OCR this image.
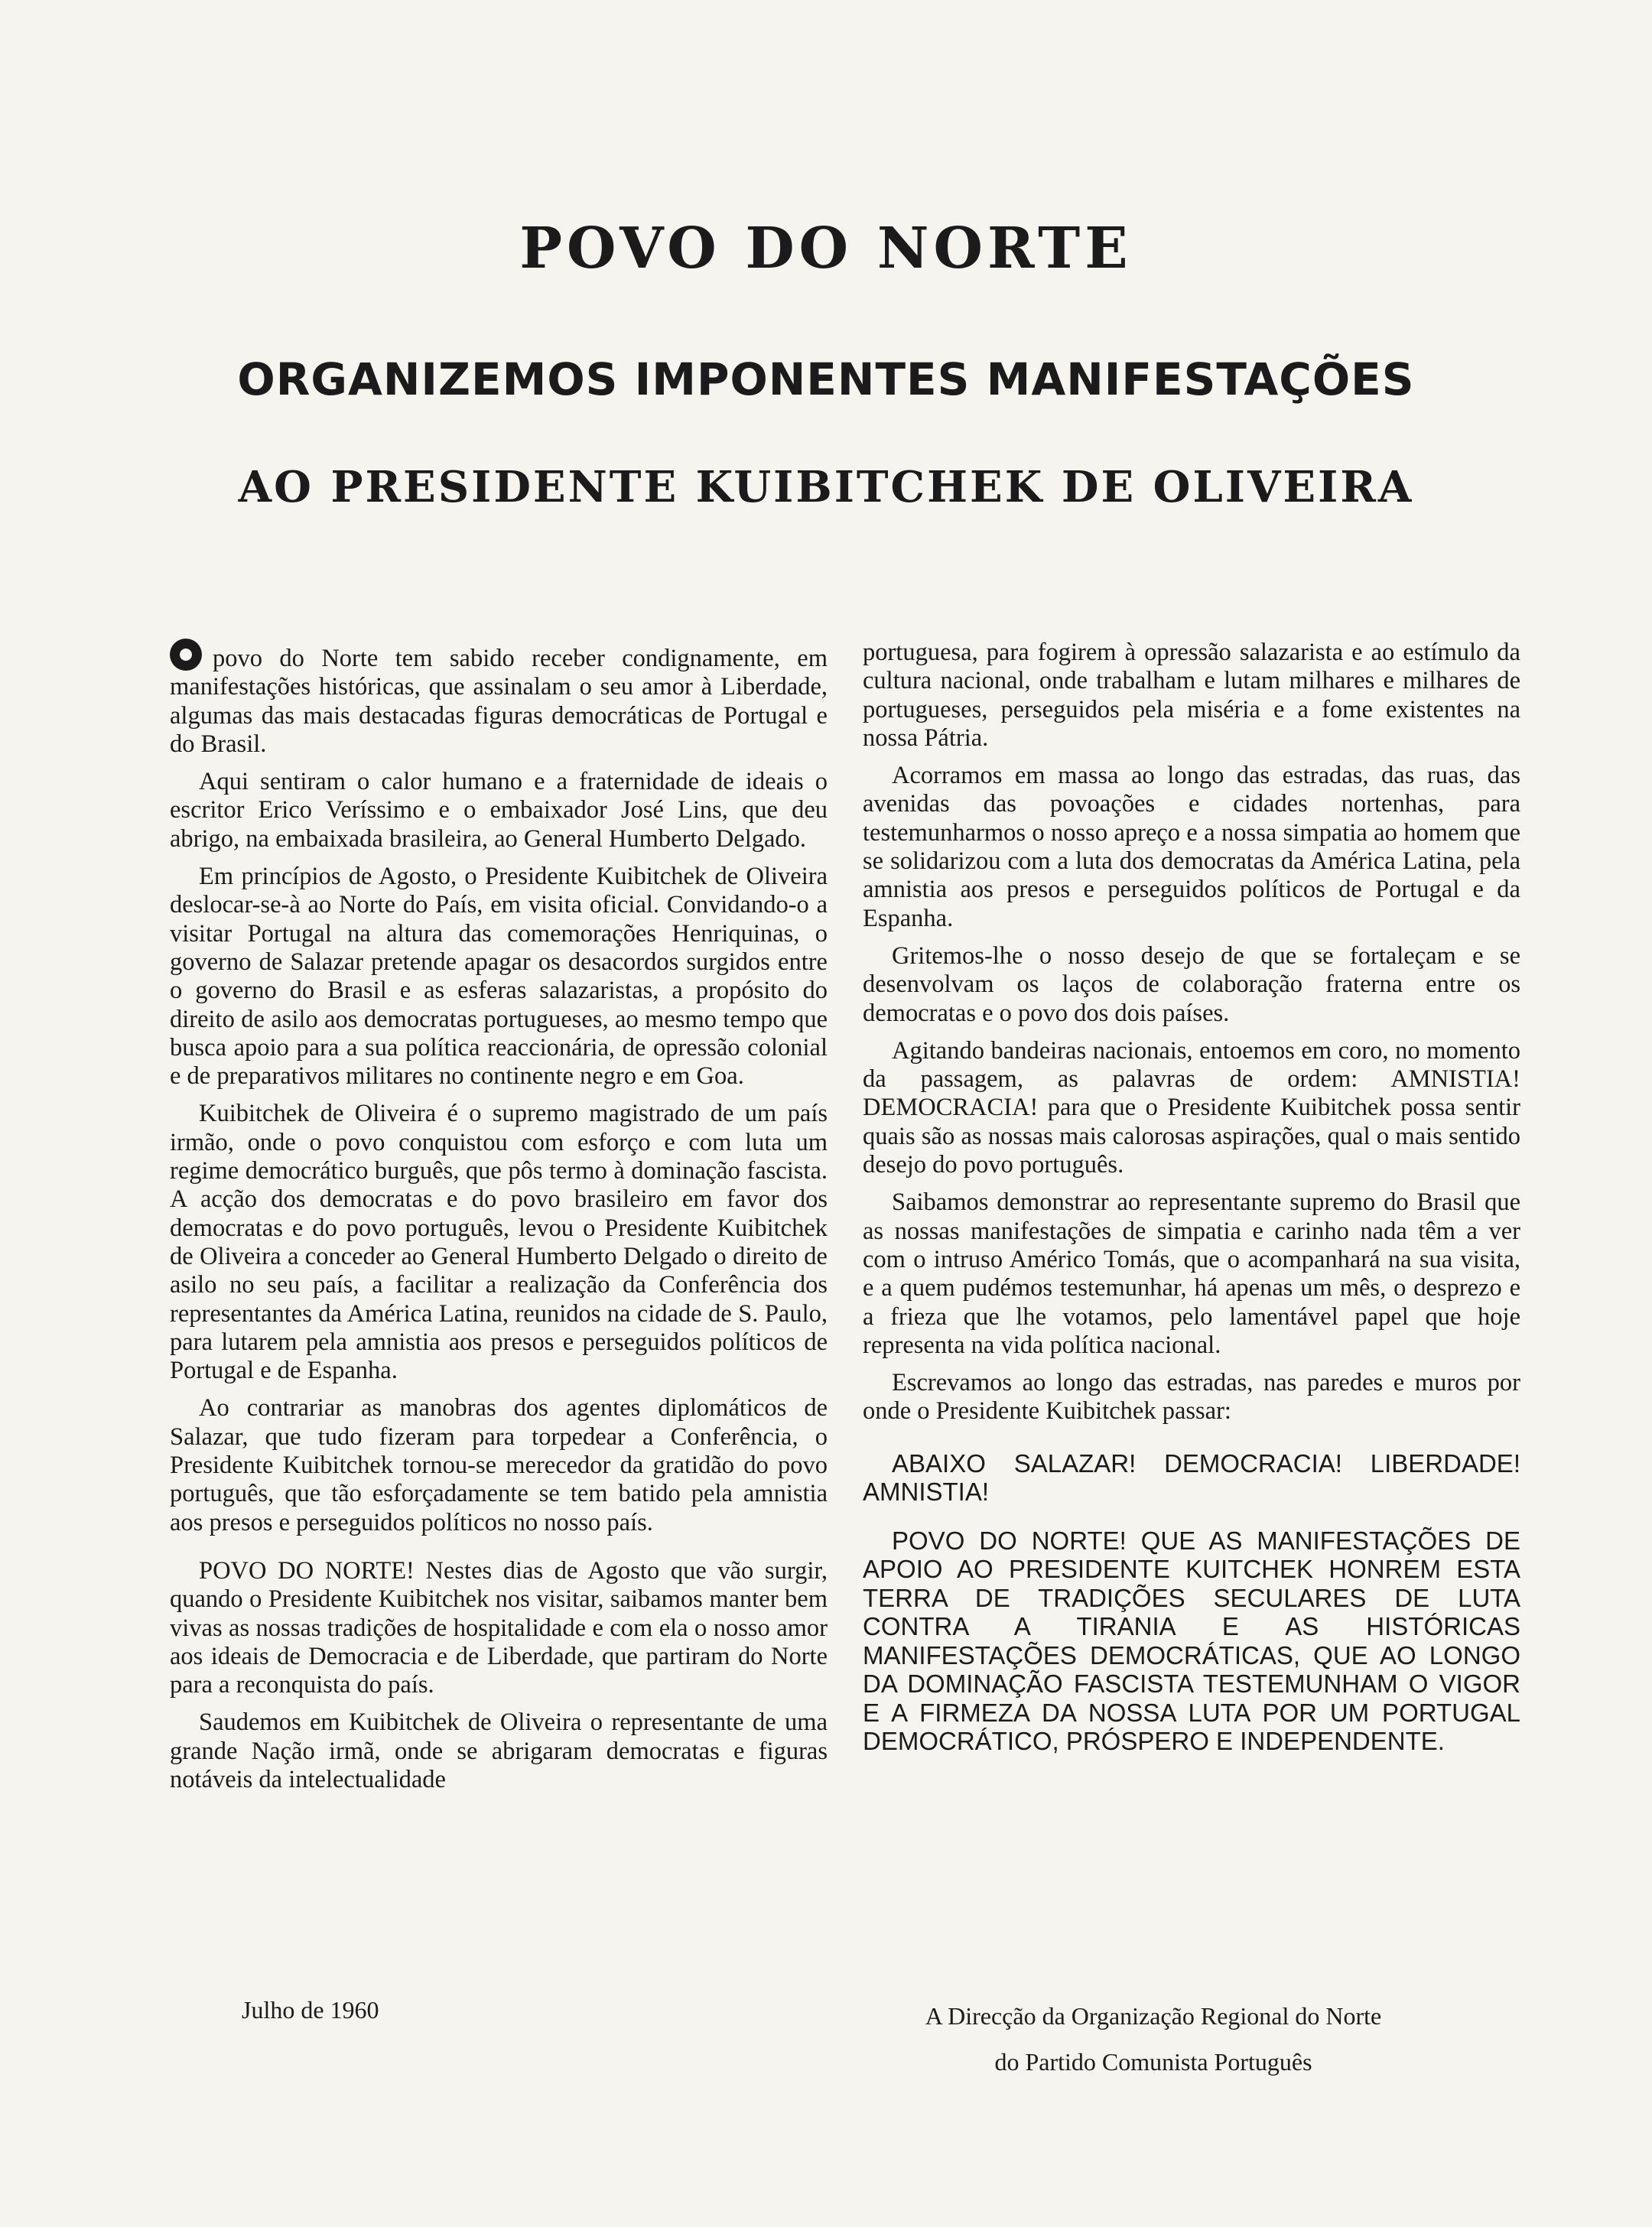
POVO DO NORTE
ORGANIZEMOS IMPONENTES MANIFESTAÇÕES
AO PRESIDENTE KUIBITCHEK DE OLIVEIRA

povo do Norte tem sabido receber condignamente, em manifestações históricas, que assinalam o seu amor à Liberdade, algumas das mais destacadas figuras democráticas de Portugal e do Brasil.

Aqui sentiram o calor humano e a fraternidade de ideais o escritor Erico Veríssimo e o embaixador José Lins, que deu abrigo, na embaixada brasileira, ao General Humberto Delgado.

Em princípios de Agosto, o Presidente Kuibitchek de Oliveira deslocar-se-à ao Norte do País, em visita oficial. Convidando-o a visitar Portugal na altura das comemorações Henriquinas, o governo de Salazar pretende apagar os desacordos surgidos entre o governo do Brasil e as esferas salazaristas, a propósito do direito de asilo aos democratas portugueses, ao mesmo tempo que busca apoio para a sua política reaccionária, de opressão colonial e de preparativos militares no continente negro e em Goa.

Kuibitchek de Oliveira é o supremo magistrado de um país irmão, onde o povo conquistou com esforço e com luta um regime democrático burguês, que pôs termo à dominação fascista. A acção dos democratas e do povo brasileiro em favor dos democratas e do povo português, levou o Presidente Kuibitchek de Oliveira a conceder ao General Humberto Delgado o direito de asilo no seu país, a facilitar a realização da Conferência dos representantes da América Latina, reunidos na cidade de S. Paulo, para lutarem pela amnistia aos presos e perseguidos políticos de Portugal e de Espanha.

Ao contrariar as manobras dos agentes diplomáticos de Salazar, que tudo fizeram para torpedear a Conferência, o Presidente Kuibitchek tornou-se merecedor da gratidão do povo português, que tão esforçadamente se tem batido pela amnistia aos presos e perseguidos políticos no nosso país.

POVO DO NORTE! Nestes dias de Agosto que vão surgir, quando o Presidente Kuibitchek nos visitar, saibamos manter bem vivas as nossas tradições de hospitalidade e com ela o nosso amor aos ideais de Democracia e de Liberdade, que partiram do Norte para a reconquista do país.

Saudemos em Kuibitchek de Oliveira o representante de uma grande Nação irmã, onde se abrigaram democratas e figuras notáveis da intelectualidade

portuguesa, para fogirem à opressão salazarista e ao estímulo da cultura nacional, onde trabalham e lutam milhares e milhares de portugueses, perseguidos pela miséria e a fome existentes na nossa Pátria.

Acorramos em massa ao longo das estradas, das ruas, das avenidas das povoações e cidades nortenhas, para testemunharmos o nosso apreço e a nossa simpatia ao homem que se solidarizou com a luta dos democratas da América Latina, pela amnistia aos presos e perseguidos políticos de Portugal e da Espanha.

Gritemos-lhe o nosso desejo de que se fortaleçam e se desenvolvam os laços de colaboração fraterna entre os democratas e o povo dos dois países.

Agitando bandeiras nacionais, entoemos em coro, no momento da passagem, as palavras de ordem: AMNISTIA! DEMOCRACIA! para que o Presidente Kuibitchek possa sentir quais são as nossas mais calorosas aspirações, qual o mais sentido desejo do povo português.

Saibamos demonstrar ao representante supremo do Brasil que as nossas manifestações de simpatia e carinho nada têm a ver com o intruso Américo Tomás, que o acompanhará na sua visita, e a quem pudémos testemunhar, há apenas um mês, o desprezo e a frieza que lhe votamos, pelo lamentável papel que hoje representa na vida política nacional.

Escrevamos ao longo das estradas, nas paredes e muros por onde o Presidente Kuibitchek passar:

ABAIXO SALAZAR! DEMOCRACIA! LIBERDADE! AMNISTIA!

POVO DO NORTE! QUE AS MANIFESTAÇÕES DE APOIO AO PRESIDENTE KUITCHEK HONREM ESTA TERRA DE TRADIÇÕES SECULARES DE LUTA CONTRA A TIRANIA E AS HISTÓRICAS MANIFESTAÇÕES DEMOCRÁTICAS, QUE AO LONGO DA DOMINAÇÃO FASCISTA TESTEMUNHAM O VIGOR E A FIRMEZA DA NOSSA LUTA POR UM PORTUGAL DEMOCRÁTICO, PRÓSPERO E INDEPENDENTE.

Julho de 1960	A Direcção da Organização Regional do Norte
do Partido Comunista Português
